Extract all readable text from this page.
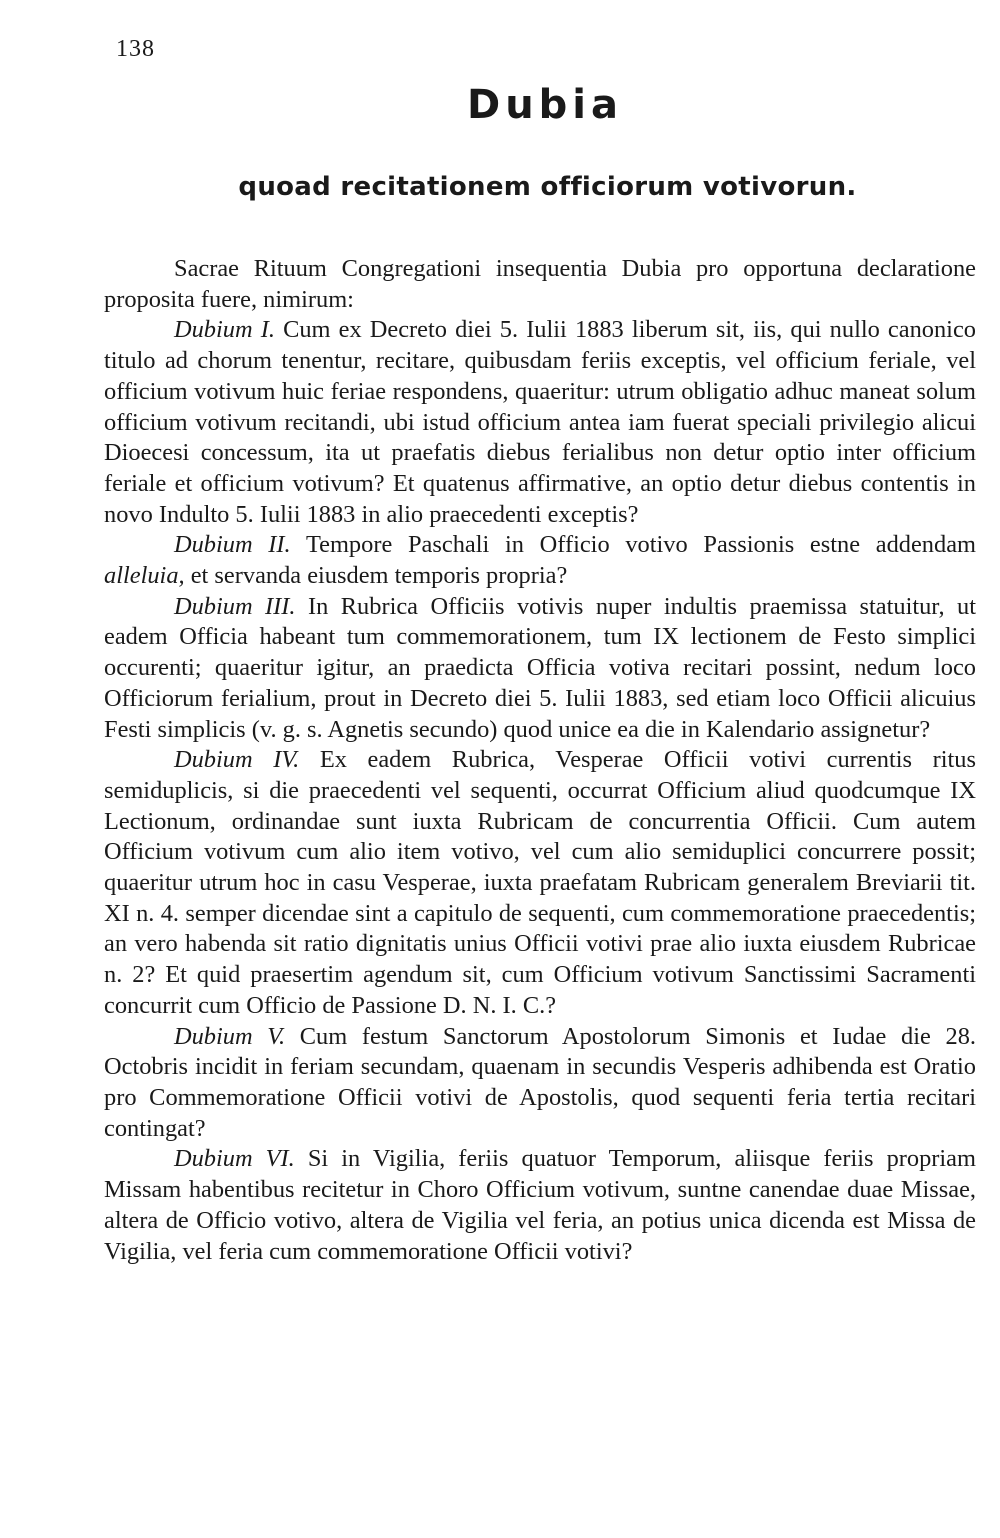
138
Dubia
quoad recitationem officiorum votivorun.

Sacrae Rituum Congregationi insequentia Dubia pro opportuna declaratione proposita fuere, nimirum:

Dubium I. Cum ex Decreto diei 5. Iulii 1883 liberum sit, iis, qui nullo canonico titulo ad chorum tenentur, recitare, quibusdam feriis exceptis, vel officium feriale, vel officium votivum huic feriae respondens, quaeritur: utrum obligatio adhuc maneat solum officium votivum recitandi, ubi istud officium antea iam fuerat speciali privilegio alicui Dioecesi concessum, ita ut praefatis diebus ferialibus non detur optio inter officium feriale et officium votivum? Et quatenus affirmative, an optio detur diebus contentis in novo Indulto 5. Iulii 1883 in alio praecedenti exceptis?

Dubium II. Tempore Paschali in Officio votivo Passionis estne addendam alleluia, et servanda eiusdem temporis propria?

Dubium III. In Rubrica Officiis votivis nuper indultis praemissa statuitur, ut eadem Officia habeant tum commemorationem, tum IX lectionem de Festo simplici occurenti; quaeritur igitur, an praedicta Officia votiva recitari possint, nedum loco Officiorum ferialium, prout in Decreto diei 5. Iulii 1883, sed etiam loco Officii alicuius Festi simplicis (v. g. s. Agnetis secundo) quod unice ea die in Kalendario assignetur?

Dubium IV. Ex eadem Rubrica, Vesperae Officii votivi currentis ritus semiduplicis, si die praecedenti vel sequenti, occurrat Officium aliud quodcumque IX Lectionum, ordinandae sunt iuxta Rubricam de concurrentia Officii. Cum autem Officium votivum cum alio item votivo, vel cum alio semiduplici concurrere possit; quaeritur utrum hoc in casu Vesperae, iuxta praefatam Rubricam generalem Breviarii tit. XI n. 4. semper dicendae sint a capitulo de sequenti, cum commemoratione praecedentis; an vero habenda sit ratio dignitatis unius Officii votivi prae alio iuxta eiusdem Rubricae n. 2? Et quid praesertim agendum sit, cum Officium votivum Sanctissimi Sacramenti concurrit cum Officio de Passione D. N. I. C.?

Dubium V. Cum festum Sanctorum Apostolorum Simonis et Iudae die 28. Octobris incidit in feriam secundam, quaenam in secundis Vesperis adhibenda est Oratio pro Commemoratione Officii votivi de Apostolis, quod sequenti feria tertia recitari contingat?

Dubium VI. Si in Vigilia, feriis quatuor Temporum, aliisque feriis propriam Missam habentibus recitetur in Choro Officium votivum, suntne canendae duae Missae, altera de Officio votivo, altera de Vigilia vel feria, an potius unica dicenda est Missa de Vigilia, vel feria cum commemoratione Officii votivi?
